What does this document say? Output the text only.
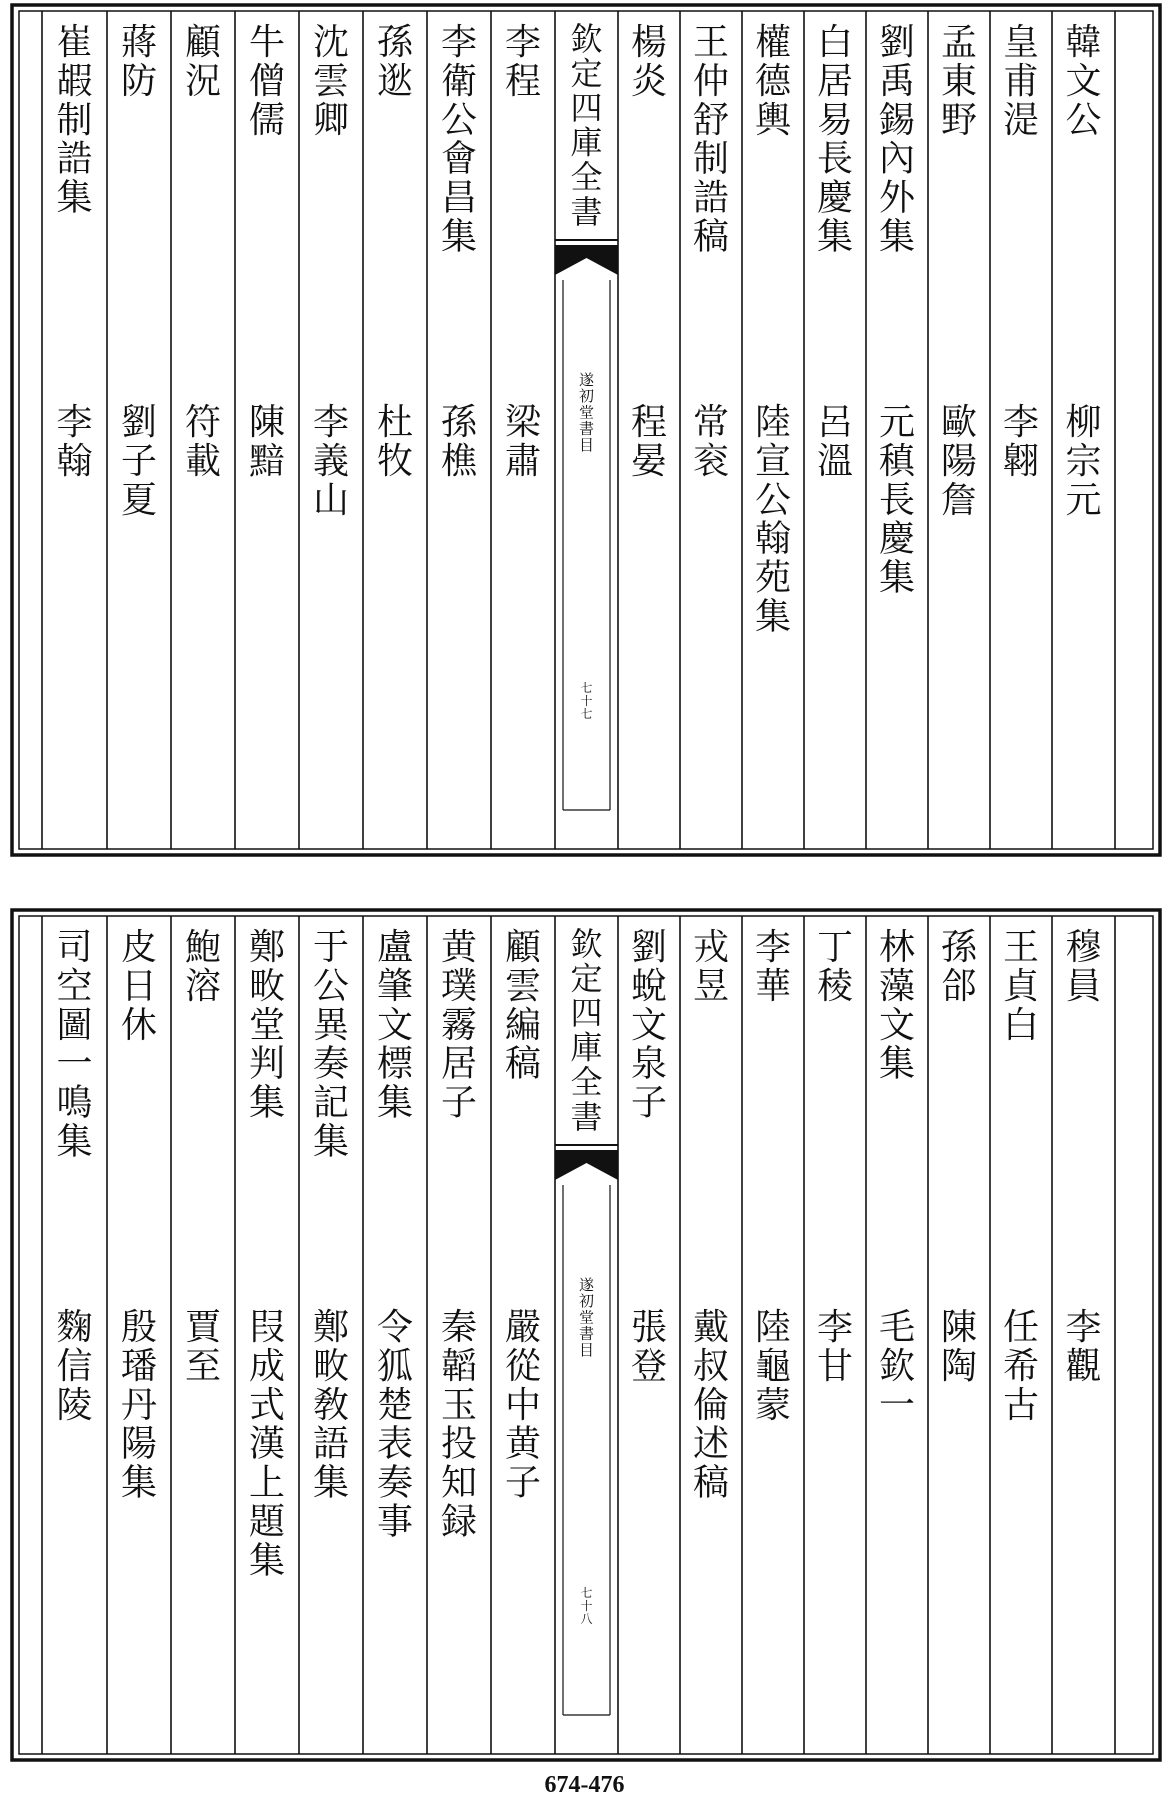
欽定四庫全書
遂初堂書目
七十七
韓文公
柳宗元
皇甫湜
李翺
孟東野
歐陽詹
劉禹錫內外集
元稹長慶集
白居易長慶集
呂溫
權德輿
陸宣公翰苑集
王仲舒制誥稿
常衮
楊炎
程晏
李程
梁肅
李衛公會昌集
孫樵
孫逖
杜牧
沈雲卿
李義山
牛僧儒
陳黯
顧況
符載
蔣防
劉子夏
崔嘏制誥集
李翰
欽定四庫全書
遂初堂書目
七十八
穆員
李觀
王貞白
任希古
孫郃
陳陶
林藻文集
毛欽一
丁稜
李甘
李華
陸龜蒙
戎昱
戴叔倫述稿
劉蛻文泉子
張登
顧雲編稿
嚴從中黄子
黄璞霧居子
秦韜玉投知録
盧肇文標集
令狐楚表奏事
于公異奏記集
鄭畋敎語集
鄭畋堂判集
叚成式漢上題集
鮑溶
賈至
皮日休
殷璠丹陽集
司空圖一鳴集
麴信陵
674-476
